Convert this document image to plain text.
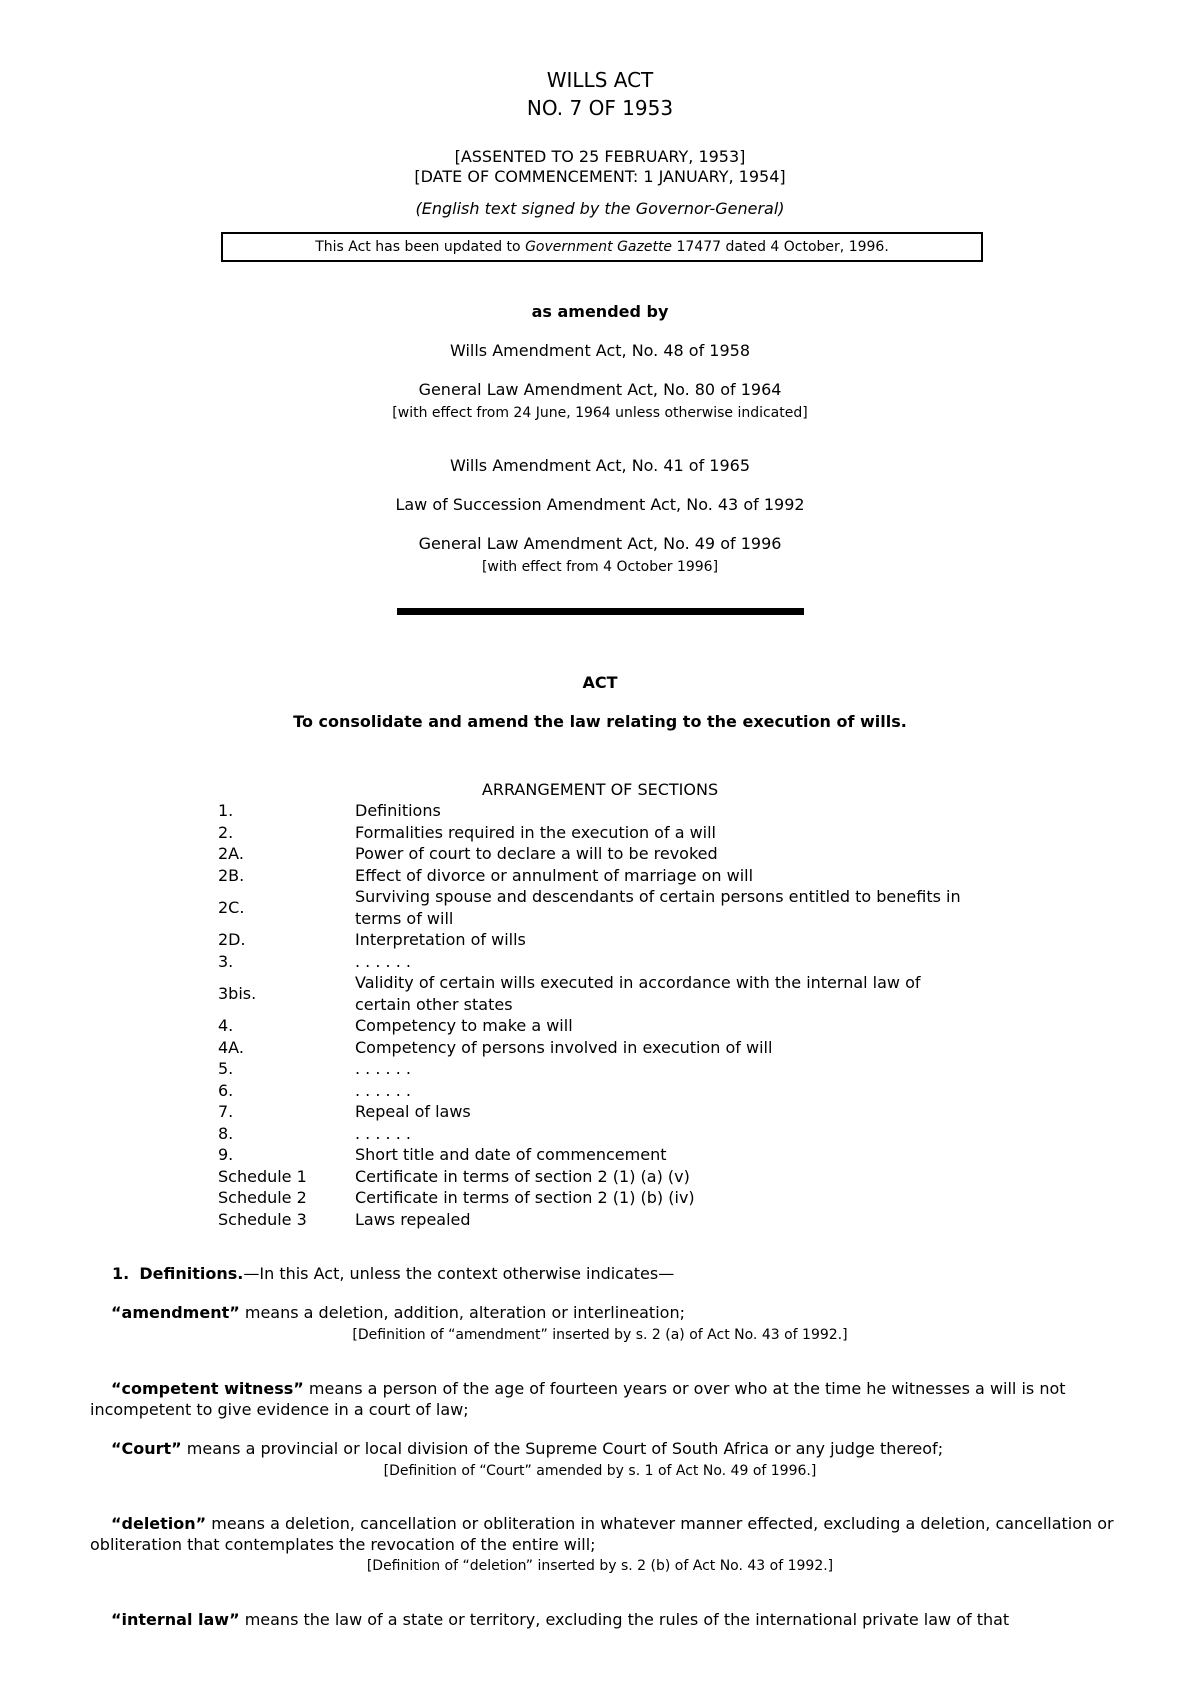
WILLS ACT
NO. 7 OF 1953
[ASSENTED TO 25 FEBRUARY, 1953]
[DATE OF COMMENCEMENT: 1 JANUARY, 1954]
(English text signed by the Governor-General)
This Act has been updated to Government Gazette 17477 dated 4 October, 1996.
as amended by
Wills Amendment Act, No. 48 of 1958
General Law Amendment Act, No. 80 of 1964
[with effect from 24 June, 1964 unless otherwise indicated]
Wills Amendment Act, No. 41 of 1965
Law of Succession Amendment Act, No. 43 of 1992
General Law Amendment Act, No. 49 of 1996
[with effect from 4 October 1996]
ACT
To consolidate and amend the law relating to the execution of wills.
ARRANGEMENT OF SECTIONS
1.	Definitions
2.	Formalities required in the execution of a will
2A.	Power of court to declare a will to be revoked
2B.	Effect of divorce or annulment of marriage on will
2C.	Surviving spouse and descendants of certain persons entitled to benefits in terms of will
2D.	Interpretation of wills
3.	. . . . . .
3bis.	Validity of certain wills executed in accordance with the internal law of certain other states
4.	Competency to make a will
4A.	Competency of persons involved in execution of will
5.	. . . . . .
6.	. . . . . .
7.	Repeal of laws
8.	. . . . . .
9.	Short title and date of commencement
Schedule 1	Certificate in terms of section 2 (1) (a) (v)
Schedule 2	Certificate in terms of section 2 (1) (b) (iv)
Schedule 3	Laws repealed
1. Definitions.—In this Act, unless the context otherwise indicates—
“amendment” means a deletion, addition, alteration or interlineation;
[Definition of “amendment” inserted by s. 2 (a) of Act No. 43 of 1992.]
“competent witness” means a person of the age of fourteen years or over who at the time he witnesses a will is not incompetent to give evidence in a court of law;
“Court” means a provincial or local division of the Supreme Court of South Africa or any judge thereof;
[Definition of “Court” amended by s. 1 of Act No. 49 of 1996.]
“deletion” means a deletion, cancellation or obliteration in whatever manner effected, excluding a deletion, cancellation or obliteration that contemplates the revocation of the entire will;
[Definition of “deletion” inserted by s. 2 (b) of Act No. 43 of 1992.]
“internal law” means the law of a state or territory, excluding the rules of the international private law of that
